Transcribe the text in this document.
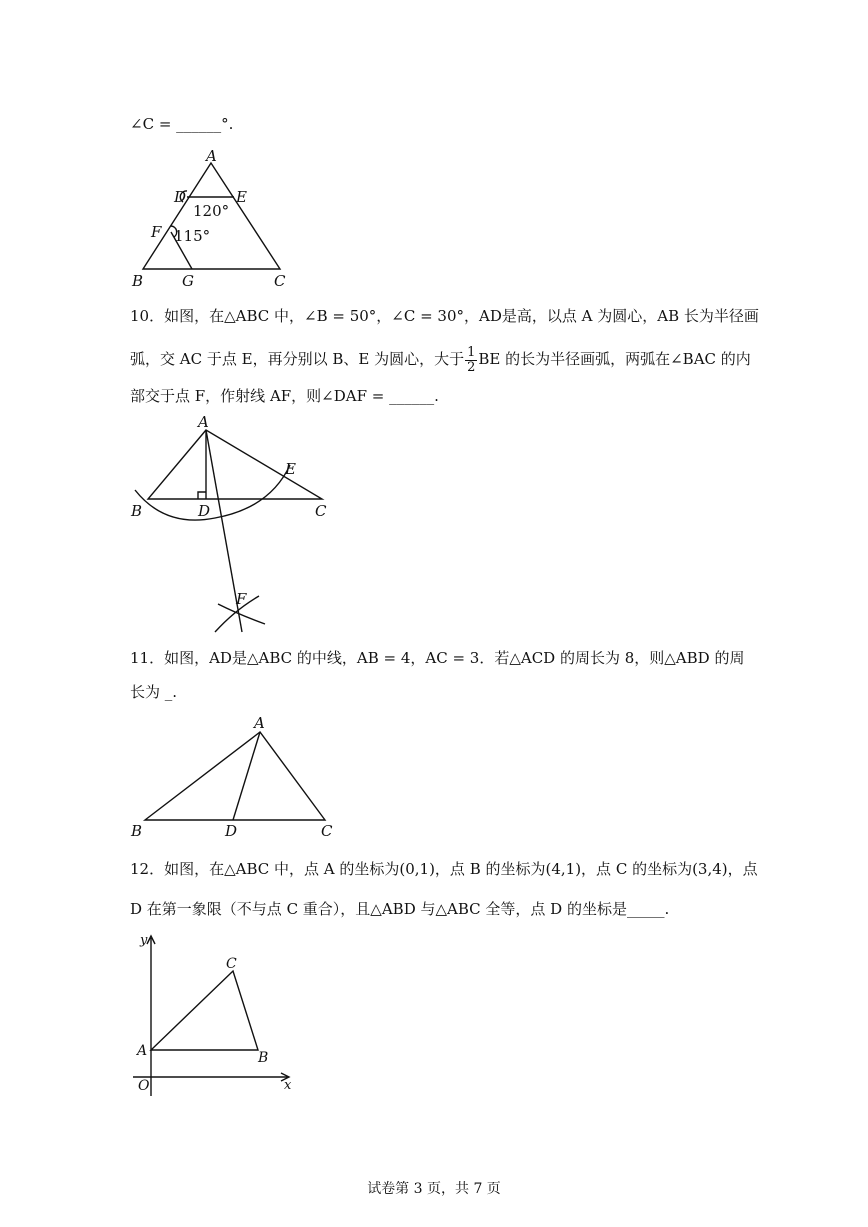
∠C = ______°.
A
D	E
F
B	G	C
120°
115°
10．如图，在△ABC 中，∠B = 50°，∠C = 30°，AD是高，以点 A 为圆心，AB 长为半径画
弧，交 AC 于点 E，再分别以 B、E 为圆心，大于 $\frac{1}{2}$ BE 的长为半径画弧，两弧在∠BAC 的内
部交于点 F，作射线 AF，则∠DAF = ______.
A
E
B	D	C
F
11．如图，AD是△ABC 的中线，AB = 4，AC = 3．若△ACD 的周长为 8，则△ABD 的周
长为 _.
A
B	D	C
12．如图，在△ABC 中，点 A 的坐标为(0,1)，点 B 的坐标为(4,1)，点 C 的坐标为(3,4)，点
D 在第一象限（不与点 C 重合），且△ABD 与△ABC 全等，点 D 的坐标是_____.
y
x
C
A	B
O
试卷第 3 页，共 7 页
